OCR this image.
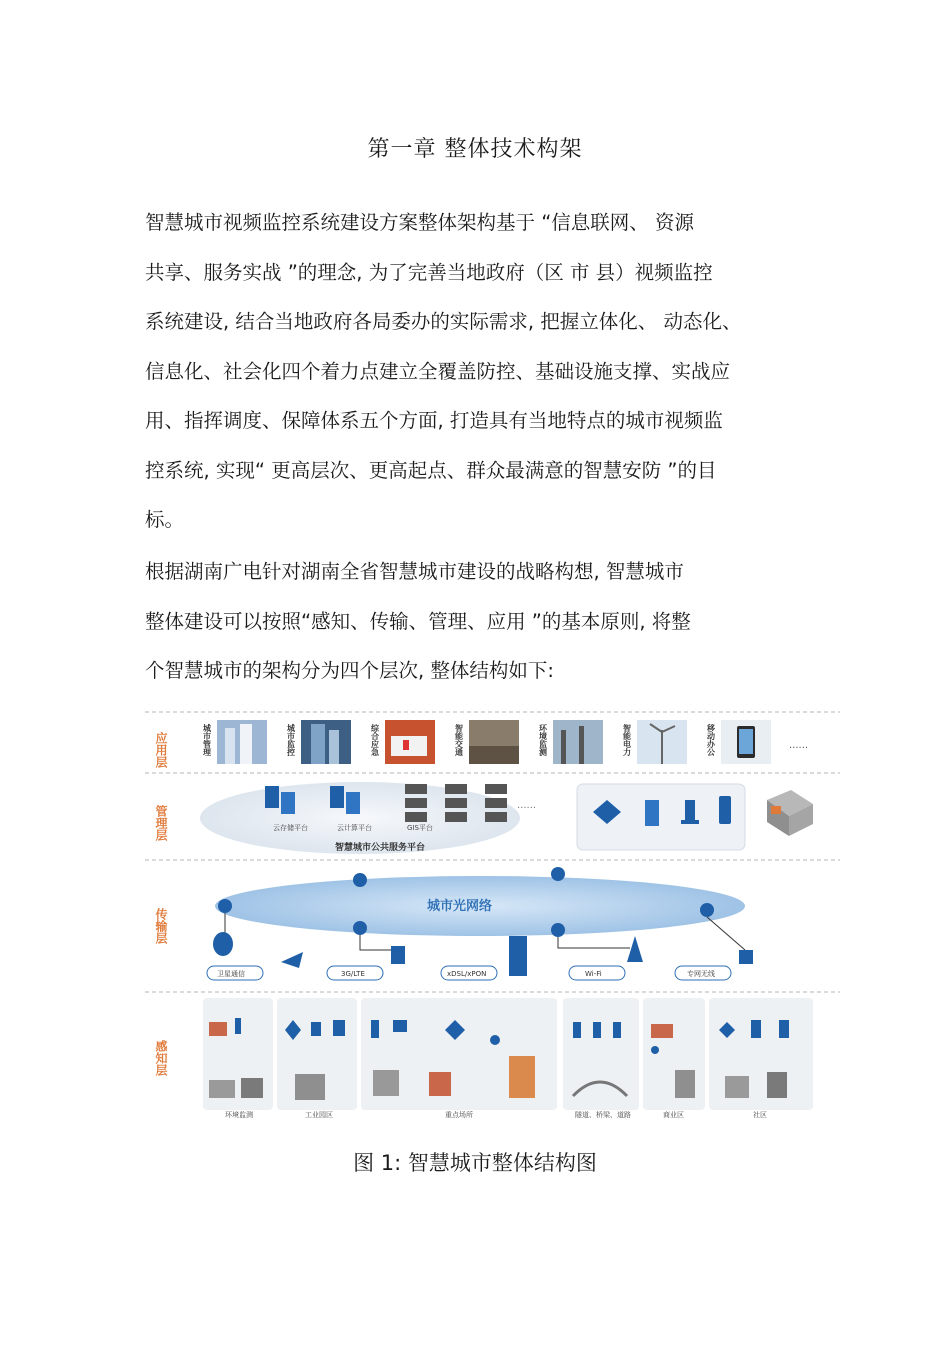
第一章 整体技术构架
智慧城市视频监控系统建设方案整体架构基于 “信息联网、 资源
共享、服务实战 ”的理念, 为了完善当地政府（区 市 县）视频监控
系统建设, 结合当地政府各局委办的实际需求, 把握立体化、 动态化、
信息化、社会化四个着力点建立全覆盖防控、基础设施支撑、实战应
用、指挥调度、保障体系五个方面, 打造具有当地特点的城市视频监
控系统, 实现“ 更高层次、更高起点、群众最满意的智慧安防 ”的目
标。
根据湖南广电针对湖南全省智慧城市建设的战略构想, 智慧城市
整体建设可以按照“感知、传输、管理、应用 ”的基本原则, 将整
个智慧城市的架构分为四个层次, 整体结构如下:
应用层
管理层
传输层
感知层
城市管理	城市监控	综合应急	智能交通	环境监测	智能电力	移动办公	......
云存储平台	云计算平台	GIS平台
......
智慧城市公共服务平台
城市光网络
卫星通信	3G/LTE	xDSL/xPON	Wi-Fi	专网无线
环境监测	工业园区	重点场所	隧道、桥梁、道路	商业区	社区
图 1: 智慧城市整体结构图
